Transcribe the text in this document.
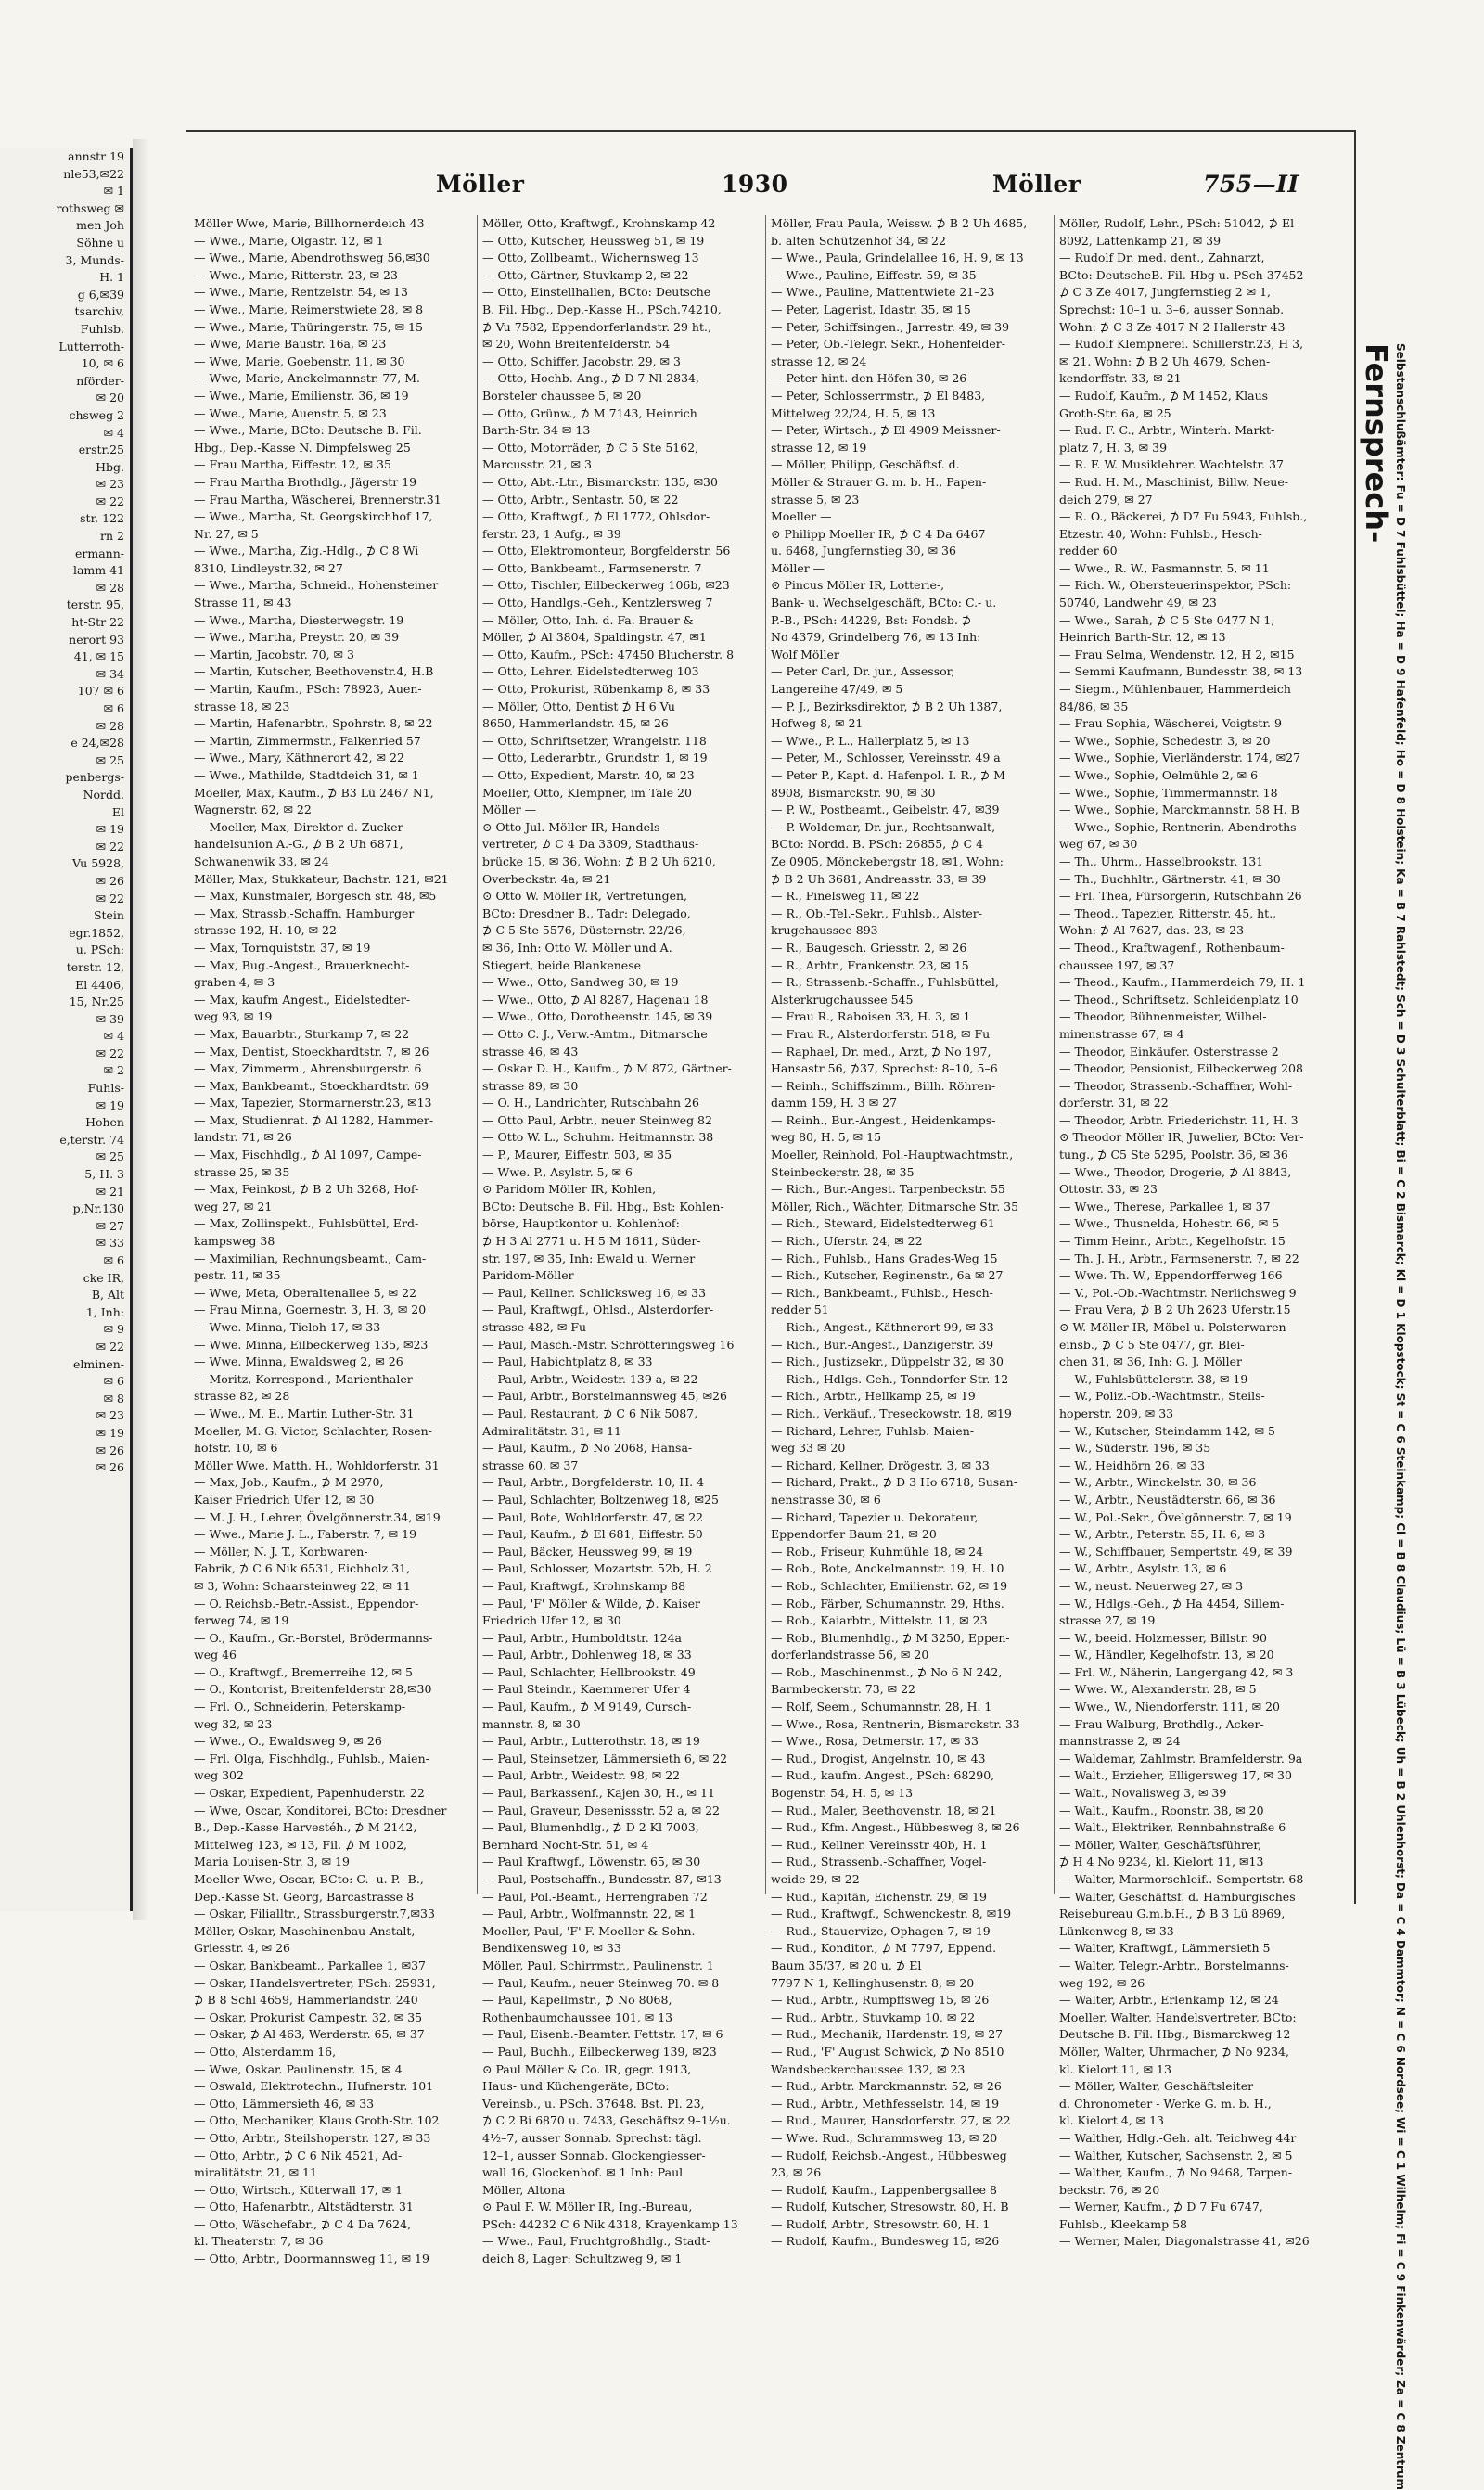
annstr 19
nle53,✉22
✉ 1
rothsweg ✉
men Joh
Söhne u
3, Munds-
H. 1
g 6,✉39
tsarchiv,
Fuhlsb.
Lutterroth-
10, ✉ 6
nförder-
✉ 20
chsweg 2
✉ 4
erstr.25
Hbg.
✉ 23
✉ 22
str. 122
rn 2
ermann-
lamm 41
✉ 28
terstr. 95,
ht-Str 22
nerort 93
41, ✉ 15
✉ 34
107 ✉ 6
✉ 6
✉ 28
e 24,✉28
✉ 25
penbergs-
Nordd.
El
✉ 19
✉ 22
Vu 5928,
✉ 26
✉ 22
Stein
egr.1852,
u. PSch:
terstr. 12,
El 4406,
15, Nr.25
✉ 39
✉ 4
✉ 22
✉ 2
Fuhls-
✉ 19
Hohen
e,terstr. 74
✉ 25
5, H. 3
✉ 21
p,Nr.130
✉ 27
✉ 33
✉ 6
cke IR,
B, Alt
1, Inh:
✉ 9
✉ 22
elminen-
✉ 6
✉ 8
✉ 23
✉ 19
✉ 26
✉ 26
Möller	1930	Möller	755—II
Möller Wwe, Marie, Billhornerdeich 43
— Wwe., Marie, Olgastr. 12, ✉ 1
— Wwe., Marie, Abendrothsweg 56,✉30
— Wwe., Marie, Ritterstr. 23, ✉ 23
— Wwe., Marie, Rentzelstr. 54, ✉ 13
— Wwe., Marie, Reimerstwiete 28, ✉ 8
— Wwe., Marie, Thüringerstr. 75, ✉ 15
— Wwe, Marie Baustr. 16a, ✉ 23
— Wwe, Marie, Goebenstr. 11, ✉ 30
— Wwe, Marie, Anckelmannstr. 77, M.
— Wwe., Marie, Emilienstr. 36, ✉ 19
— Wwe., Marie, Auenstr. 5, ✉ 23
— Wwe., Marie, BCto: Deutsche B. Fil.
Hbg., Dep.-Kasse N. Dimpfelsweg 25
— Frau Martha, Eiffestr. 12, ✉ 35
— Frau Martha Brothdlg., Jägerstr 19
— Frau Martha, Wäscherei, Brennerstr.31
— Wwe., Martha, St. Georgskirchhof 17,
Nr. 27, ✉ 5
— Wwe., Martha, Zig.-Hdlg., ⊅ C 8 Wi
8310, Lindleystr.32, ✉ 27
— Wwe., Martha, Schneid., Hohensteiner
Strasse 11, ✉ 43
— Wwe., Martha, Diesterwegstr. 19
— Wwe., Martha, Preystr. 20, ✉ 39
— Martin, Jacobstr. 70, ✉ 3
— Martin, Kutscher, Beethovenstr.4, H.B
— Martin, Kaufm., PSch: 78923, Auen-
strasse 18, ✉ 23
— Martin, Hafenarbtr., Spohrstr. 8, ✉ 22
— Martin, Zimmermstr., Falkenried 57
— Wwe., Mary, Käthnerort 42, ✉ 22
— Wwe., Mathilde, Stadtdeich 31, ✉ 1
Moeller, Max, Kaufm., ⊅ B3 Lü 2467 N1,
Wagnerstr. 62, ✉ 22
— Moeller, Max, Direktor d. Zucker-
handelsunion A.-G., ⊅ B 2 Uh 6871,
Schwanenwik 33, ✉ 24
Möller, Max, Stukkateur, Bachstr. 121, ✉21
— Max, Kunstmaler, Borgesch str. 48, ✉5
— Max, Strassb.-Schaffn. Hamburger
strasse 192, H. 10, ✉ 22
— Max, Tornquiststr. 37, ✉ 19
— Max, Bug.-Angest., Brauerknecht-
graben 4, ✉ 3
— Max, kaufm Angest., Eidelstedter-
weg 93, ✉ 19
— Max, Bauarbtr., Sturkamp 7, ✉ 22
— Max, Dentist, Stoeckhardtstr. 7, ✉ 26
— Max, Zimmerm., Ahrensburgerstr. 6
— Max, Bankbeamt., Stoeckhardtstr. 69
— Max, Tapezier, Stormarnerstr.23, ✉13
— Max, Studienrat. ⊅ Al 1282, Hammer-
landstr. 71, ✉ 26
— Max, Fischhdlg., ⊅ Al 1097, Campe-
strasse 25, ✉ 35
— Max, Feinkost, ⊅ B 2 Uh 3268, Hof-
weg 27, ✉ 21
— Max, Zollinspekt., Fuhlsbüttel, Erd-
kampsweg 38
— Maximilian, Rechnungsbeamt., Cam-
pestr. 11, ✉ 35
— Wwe, Meta, Oberaltenallee 5, ✉ 22
— Frau Minna, Goernestr. 3, H. 3, ✉ 20
— Wwe. Minna, Tieloh 17, ✉ 33
— Wwe. Minna, Eilbeckerweg 135, ✉23
— Wwe. Minna, Ewaldsweg 2, ✉ 26
— Moritz, Korrespond., Marienthaler-
strasse 82, ✉ 28
— Wwe., M. E., Martin Luther-Str. 31
Moeller, M. G. Victor, Schlachter, Rosen-
hofstr. 10, ✉ 6
Möller Wwe. Matth. H., Wohldorferstr. 31
— Max, Job., Kaufm., ⊅ M 2970,
Kaiser Friedrich Ufer 12, ✉ 30
— M. J. H., Lehrer, Övelgönnerstr.34, ✉19
— Wwe., Marie J. L., Faberstr. 7, ✉ 19
— Möller, N. J. T., Korbwaren-
Fabrik, ⊅ C 6 Nik 6531, Eichholz 31,
✉ 3, Wohn: Schaarsteinweg 22, ✉ 11
— O. Reichsb.-Betr.-Assist., Eppendor-
ferweg 74, ✉ 19
— O., Kaufm., Gr.-Borstel, Brödermanns-
weg 46
— O., Kraftwgf., Bremerreihe 12, ✉ 5
— O., Kontorist, Breitenfelderstr 28,✉30
— Frl. O., Schneiderin, Peterskamp-
weg 32, ✉ 23
— Wwe., O., Ewaldsweg 9, ✉ 26
— Frl. Olga, Fischhdlg., Fuhlsb., Maien-
weg 302
— Oskar, Expedient, Papenhuderstr. 22
— Wwe, Oscar, Konditorei, BCto: Dresdner
B., Dep.-Kasse Harvestéh., ⊅ M 2142,
Mittelweg 123, ✉ 13, Fil. ⊅ M 1002,
Maria Louisen-Str. 3, ✉ 19
Moeller Wwe, Oscar, BCto: C.- u. P.- B.,
Dep.-Kasse St. Georg, Barcastrasse 8
— Oskar, Filialltr., Strassburgerstr.7,✉33
Möller, Oskar, Maschinenbau-Anstalt,
Griesstr. 4, ✉ 26
— Oskar, Bankbeamt., Parkallee 1, ✉37
— Oskar, Handelsvertreter, PSch: 25931,
⊅ B 8 Schl 4659, Hammerlandstr. 240
— Oskar, Prokurist Campestr. 32, ✉ 35
— Oskar, ⊅ Al 463, Werderstr. 65, ✉ 37
— Otto, Alsterdamm 16,
— Wwe, Oskar. Paulinenstr. 15, ✉ 4
— Oswald, Elektrotechn., Hufnerstr. 101
— Otto, Lämmersieth 46, ✉ 33
— Otto, Mechaniker, Klaus Groth-Str. 102
— Otto, Arbtr., Steilshoperstr. 127, ✉ 33
— Otto, Arbtr., ⊅ C 6 Nik 4521, Ad-
miralitätstr. 21, ✉ 11
— Otto, Wirtsch., Küterwall 17, ✉ 1
— Otto, Hafenarbtr., Altstädterstr. 31
— Otto, Wäschefabr., ⊅ C 4 Da 7624,
kl. Theaterstr. 7, ✉ 36
— Otto, Arbtr., Doormannsweg 11, ✉ 19
Möller, Otto, Kraftwgf., Krohnskamp 42
— Otto, Kutscher, Heussweg 51, ✉ 19
— Otto, Zollbeamt., Wichernsweg 13
— Otto, Gärtner, Stuvkamp 2, ✉ 22
— Otto, Einstellhallen, BCto: Deutsche
B. Fil. Hbg., Dep.-Kasse H., PSch.74210,
⊅ Vu 7582, Eppendorferlandstr. 29 ht.,
✉ 20, Wohn Breitenfelderstr. 54
— Otto, Schiffer, Jacobstr. 29, ✉ 3
— Otto, Hochb.-Ang., ⊅ D 7 Nl 2834,
Borsteler chaussee 5, ✉ 20
— Otto, Grünw., ⊅ M 7143, Heinrich
Barth-Str. 34 ✉ 13
— Otto, Motorräder, ⊅ C 5 Ste 5162,
Marcusstr. 21, ✉ 3
— Otto, Abt.-Ltr., Bismarckstr. 135, ✉30
— Otto, Arbtr., Sentastr. 50, ✉ 22
— Otto, Kraftwgf., ⊅ El 1772, Ohlsdor-
ferstr. 23, 1 Aufg., ✉ 39
— Otto, Elektromonteur, Borgfelderstr. 56
— Otto, Bankbeamt., Farmsenerstr. 7
— Otto, Tischler, Eilbeckerweg 106b, ✉23
— Otto, Handlgs.-Geh., Kentzlersweg 7
— Möller, Otto, Inh. d. Fa. Brauer &
Möller, ⊅ Al 3804, Spaldingstr. 47, ✉1
— Otto, Kaufm., PSch: 47450 Blucherstr. 8
— Otto, Lehrer. Eidelstedterweg 103
— Otto, Prokurist, Rübenkamp 8, ✉ 33
— Möller, Otto, Dentist ⊅ H 6 Vu
8650, Hammerlandstr. 45, ✉ 26
— Otto, Schriftsetzer, Wrangelstr. 118
— Otto, Lederarbtr., Grundstr. 1, ✉ 19
— Otto, Expedient, Marstr. 40, ✉ 23
Moeller, Otto, Klempner, im Tale 20
Möller —
⊙ Otto Jul. Möller IR, Handels-
vertreter, ⊅ C 4 Da 3309, Stadthaus-
brücke 15, ✉ 36, Wohn: ⊅ B 2 Uh 6210,
Overbeckstr. 4a, ✉ 21
⊙ Otto W. Möller IR, Vertretungen,
BCto: Dresdner B., Tadr: Delegado,
⊅ C 5 Ste 5576, Düsternstr. 22/26,
✉ 36, Inh: Otto W. Möller und A.
Stiegert, beide Blankenese
— Wwe., Otto, Sandweg 30, ✉ 19
— Wwe., Otto, ⊅ Al 8287, Hagenau 18
— Wwe., Otto, Dorotheenstr. 145, ✉ 39
— Otto C. J., Verw.-Amtm., Ditmarsche
strasse 46, ✉ 43
— Oskar D. H., Kaufm., ⊅ M 872, Gärtner-
strasse 89, ✉ 30
— O. H., Landrichter, Rutschbahn 26
— Otto Paul, Arbtr., neuer Steinweg 82
— Otto W. L., Schuhm. Heitmannstr. 38
— P., Maurer, Eiffestr. 503, ✉ 35
— Wwe. P., Asylstr. 5, ✉ 6
⊙ Paridom Möller IR, Kohlen,
BCto: Deutsche B. Fil. Hbg., Bst: Kohlen-
börse, Hauptkontor u. Kohlenhof:
⊅ H 3 Al 2771 u. H 5 M 1611, Süder-
str. 197, ✉ 35, Inh: Ewald u. Werner
Paridom-Möller
— Paul, Kellner. Schlicksweg 16, ✉ 33
— Paul, Kraftwgf., Ohlsd., Alsterdorfer-
strasse 482, ✉ Fu
— Paul, Masch.-Mstr. Schrötteringsweg 16
— Paul, Habichtplatz 8, ✉ 33
— Paul, Arbtr., Weidestr. 139 a, ✉ 22
— Paul, Arbtr., Borstelmannsweg 45, ✉26
— Paul, Restaurant, ⊅ C 6 Nik 5087,
Admiralitätstr. 31, ✉ 11
— Paul, Kaufm., ⊅ No 2068, Hansa-
strasse 60, ✉ 37
— Paul, Arbtr., Borgfelderstr. 10, H. 4
— Paul, Schlachter, Boltzenweg 18, ✉25
— Paul, Bote, Wohldorferstr. 47, ✉ 22
— Paul, Kaufm., ⊅ El 681, Eiffestr. 50
— Paul, Bäcker, Heussweg 99, ✉ 19
— Paul, Schlosser, Mozartstr. 52b, H. 2
— Paul, Kraftwgf., Krohnskamp 88
— Paul, 'F' Möller & Wilde, ⊅. Kaiser
Friedrich Ufer 12, ✉ 30
— Paul, Arbtr., Humboldtstr. 124a
— Paul, Arbtr., Dohlenweg 18, ✉ 33
— Paul, Schlachter, Hellbrookstr. 49
— Paul Steindr., Kaemmerer Ufer 4
— Paul, Kaufm., ⊅ M 9149, Cursch-
mannstr. 8, ✉ 30
— Paul, Arbtr., Lutterothstr. 18, ✉ 19
— Paul, Steinsetzer, Lämmersieth 6, ✉ 22
— Paul, Arbtr., Weidestr. 98, ✉ 22
— Paul, Barkassenf., Kajen 30, H., ✉ 11
— Paul, Graveur, Desenissstr. 52 a, ✉ 22
— Paul, Blumenhdlg., ⊅ D 2 Kl 7003,
Bernhard Nocht-Str. 51, ✉ 4
— Paul Kraftwgf., Löwenstr. 65, ✉ 30
— Paul, Postschaffn., Bundesstr. 87, ✉13
— Paul, Pol.-Beamt., Herrengraben 72
— Paul, Arbtr., Wolfmannstr. 22, ✉ 1
Moeller, Paul, 'F' F. Moeller & Sohn.
Bendixensweg 10, ✉ 33
Möller, Paul, Schirrmstr., Paulinenstr. 1
— Paul, Kaufm., neuer Steinweg 70. ✉ 8
— Paul, Kapellmstr., ⊅ No 8068,
Rothenbaumchaussee 101, ✉ 13
— Paul, Eisenb.-Beamter. Fettstr. 17, ✉ 6
— Paul, Buchh., Eilbeckerweg 139, ✉23
⊙ Paul Möller & Co. IR, gegr. 1913,
Haus- und Küchengeräte, BCto:
Vereinsb., u. PSch. 37648. Bst. Pl. 23,
⊅ C 2 Bi 6870 u. 7433, Geschäftsz 9–1½u.
4½–7, ausser Sonnab. Sprechst: tägl.
12–1, ausser Sonnab. Glockengiesser-
wall 16, Glockenhof. ✉ 1 Inh: Paul
Möller, Altona
⊙ Paul F. W. Möller IR, Ing.-Bureau,
PSch: 44232 C 6 Nik 4318, Krayenkamp 13
— Wwe., Paul, Fruchtgroßhdlg., Stadt-
deich 8, Lager: Schultzweg 9, ✉ 1
Möller, Frau Paula, Weissw. ⊅ B 2 Uh 4685,
b. alten Schützenhof 34, ✉ 22
— Wwe., Paula, Grindelallee 16, H. 9, ✉ 13
— Wwe., Pauline, Eiffestr. 59, ✉ 35
— Wwe., Pauline, Mattentwiete 21–23
— Peter, Lagerist, Idastr. 35, ✉ 15
— Peter, Schiffsingen., Jarrestr. 49, ✉ 39
— Peter, Ob.-Telegr. Sekr., Hohenfelder-
strasse 12, ✉ 24
— Peter hint. den Höfen 30, ✉ 26
— Peter, Schlosserrmstr., ⊅ El 8483,
Mittelweg 22/24, H. 5, ✉ 13
— Peter, Wirtsch., ⊅ El 4909 Meissner-
strasse 12, ✉ 19
— Möller, Philipp, Geschäftsf. d.
Möller & Strauer G. m. b. H., Papen-
strasse 5, ✉ 23
Moeller —
⊙ Philipp Moeller IR, ⊅ C 4 Da 6467
u. 6468, Jungfernstieg 30, ✉ 36
Möller —
⊙ Pincus Möller IR, Lotterie-,
Bank- u. Wechselgeschäft, BCto: C.- u.
P.-B., PSch: 44229, Bst: Fondsb. ⊅
No 4379, Grindelberg 76, ✉ 13 Inh:
Wolf Möller
— Peter Carl, Dr. jur., Assessor,
Langereihe 47/49, ✉ 5
— P. J., Bezirksdirektor, ⊅ B 2 Uh 1387,
Hofweg 8, ✉ 21
— Wwe., P. L., Hallerplatz 5, ✉ 13
— Peter, M., Schlosser, Vereinsstr. 49 a
— Peter P., Kapt. d. Hafenpol. I. R., ⊅ M
8908, Bismarckstr. 90, ✉ 30
— P. W., Postbeamt., Geibelstr. 47, ✉39
— P. Woldemar, Dr. jur., Rechtsanwalt,
BCto: Nordd. B. PSch: 26855, ⊅ C 4
Ze 0905, Mönckebergstr 18, ✉1, Wohn:
⊅ B 2 Uh 3681, Andreasstr. 33, ✉ 39
— R., Pinelsweg 11, ✉ 22
— R., Ob.-Tel.-Sekr., Fuhlsb., Alster-
krugchaussee 893
— R., Baugesch. Griesstr. 2, ✉ 26
— R., Arbtr., Frankenstr. 23, ✉ 15
— R., Strassenb.-Schaffn., Fuhlsbüttel,
Alsterkrugchaussee 545
— Frau R., Raboisen 33, H. 3, ✉ 1
— Frau R., Alsterdorferstr. 518, ✉ Fu
— Raphael, Dr. med., Arzt, ⊅ No 197,
Hansastr 56, ⊅37, Sprechst: 8–10, 5–6
— Reinh., Schiffszimm., Billh. Röhren-
damm 159, H. 3 ✉ 27
— Reinh., Bur.-Angest., Heidenkamps-
weg 80, H. 5, ✉ 15
Moeller, Reinhold, Pol.-Hauptwachtmstr.,
Steinbeckerstr. 28, ✉ 35
— Rich., Bur.-Angest. Tarpenbeckstr. 55
Möller, Rich., Wächter, Ditmarsche Str. 35
— Rich., Steward, Eidelstedterweg 61
— Rich., Uferstr. 24, ✉ 22
— Rich., Fuhlsb., Hans Grades-Weg 15
— Rich., Kutscher, Reginenstr., 6a ✉ 27
— Rich., Bankbeamt., Fuhlsb., Hesch-
redder 51
— Rich., Angest., Käthnerort 99, ✉ 33
— Rich., Bur.-Angest., Danzigerstr. 39
— Rich., Justizsekr., Düppelstr 32, ✉ 30
— Rich., Hdlgs.-Geh., Tonndorfer Str. 12
— Rich., Arbtr., Hellkamp 25, ✉ 19
— Rich., Verkäuf., Treseckowstr. 18, ✉19
— Richard, Lehrer, Fuhlsb. Maien-
weg 33 ✉ 20
— Richard, Kellner, Drögestr. 3, ✉ 33
— Richard, Prakt., ⊅ D 3 Ho 6718, Susan-
nenstrasse 30, ✉ 6
— Richard, Tapezier u. Dekorateur,
Eppendorfer Baum 21, ✉ 20
— Rob., Friseur, Kuhmühle 18, ✉ 24
— Rob., Bote, Anckelmannstr. 19, H. 10
— Rob., Schlachter, Emilienstr. 62, ✉ 19
— Rob., Färber, Schumannstr. 29, Hths.
— Rob., Kaiarbtr., Mittelstr. 11, ✉ 23
— Rob., Blumenhdlg., ⊅ M 3250, Eppen-
dorferlandstrasse 56, ✉ 20
— Rob., Maschinenmst., ⊅ No 6 N 242,
Barmbeckerstr. 73, ✉ 22
— Rolf, Seem., Schumannstr. 28, H. 1
— Wwe., Rosa, Rentnerin, Bismarckstr. 33
— Wwe., Rosa, Detmerstr. 17, ✉ 33
— Rud., Drogist, Angelnstr. 10, ✉ 43
— Rud., kaufm. Angest., PSch: 68290,
Bogenstr. 54, H. 5, ✉ 13
— Rud., Maler, Beethovenstr. 18, ✉ 21
— Rud., Kfm. Angest., Hübbesweg 8, ✉ 26
— Rud., Kellner. Vereinsstr 40b, H. 1
— Rud., Strassenb.-Schaffner, Vogel-
weide 29, ✉ 22
— Rud., Kapitän, Eichenstr. 29, ✉ 19
— Rud., Kraftwgf., Schwenckestr. 8, ✉19
— Rud., Stauervize, Ophagen 7, ✉ 19
— Rud., Konditor., ⊅ M 7797, Eppend.
Baum 35/37, ✉ 20 u. ⊅ El
7797 N 1, Kellinghusenstr. 8, ✉ 20
— Rud., Arbtr., Rumpffsweg 15, ✉ 26
— Rud., Arbtr., Stuvkamp 10, ✉ 22
— Rud., Mechanik, Hardenstr. 19, ✉ 27
— Rud., 'F' August Schwick, ⊅ No 8510
Wandsbeckerchaussee 132, ✉ 23
— Rud., Arbtr. Marckmannstr. 52, ✉ 26
— Rud., Arbtr., Methfesselstr. 14, ✉ 19
— Rud., Maurer, Hansdorferstr. 27, ✉ 22
— Wwe. Rud., Schrammsweg 13, ✉ 20
— Rudolf, Reichsb.-Angest., Hübbesweg
23, ✉ 26
— Rudolf, Kaufm., Lappenbergsallee 8
— Rudolf, Kutscher, Stresowstr. 80, H. B
— Rudolf, Arbtr., Stresowstr. 60, H. 1
— Rudolf, Kaufm., Bundesweg 15, ✉26
Möller, Rudolf, Lehr., PSch: 51042, ⊅ El
8092, Lattenkamp 21, ✉ 39
— Rudolf Dr. med. dent., Zahnarzt,
BCto: DeutscheB. Fil. Hbg u. PSch 37452
⊅ C 3 Ze 4017, Jungfernstieg 2 ✉ 1,
Sprechst: 10–1 u. 3–6, ausser Sonnab.
Wohn: ⊅ C 3 Ze 4017 N 2 Hallerstr 43
— Rudolf Klempnerei. Schillerstr.23, H 3,
✉ 21. Wohn: ⊅ B 2 Uh 4679, Schen-
kendorffstr. 33, ✉ 21
— Rudolf, Kaufm., ⊅ M 1452, Klaus
Groth-Str. 6a, ✉ 25
— Rud. F. C., Arbtr., Winterh. Markt-
platz 7, H. 3, ✉ 39
— R. F. W. Musiklehrer. Wachtelstr. 37
— Rud. H. M., Maschinist, Billw. Neue-
deich 279, ✉ 27
— R. O., Bäckerei, ⊅ D7 Fu 5943, Fuhlsb.,
Etzestr. 40, Wohn: Fuhlsb., Hesch-
redder 60
— Wwe., R. W., Pasmannstr. 5, ✉ 11
— Rich. W., Obersteuerinspektor, PSch:
50740, Landwehr 49, ✉ 23
— Wwe., Sarah, ⊅ C 5 Ste 0477 N 1,
Heinrich Barth-Str. 12, ✉ 13
— Frau Selma, Wendenstr. 12, H 2, ✉15
— Semmi Kaufmann, Bundesstr. 38, ✉ 13
— Siegm., Mühlenbauer, Hammerdeich
84/86, ✉ 35
— Frau Sophia, Wäscherei, Voigtstr. 9
— Wwe., Sophie, Schedestr. 3, ✉ 20
— Wwe., Sophie, Vierländerstr. 174, ✉27
— Wwe., Sophie, Oelmühle 2, ✉ 6
— Wwe., Sophie, Timmermannstr. 18
— Wwe., Sophie, Marckmannstr. 58 H. B
— Wwe., Sophie, Rentnerin, Abendroths-
weg 67, ✉ 30
— Th., Uhrm., Hasselbrookstr. 131
— Th., Buchhltr., Gärtnerstr. 41, ✉ 30
— Frl. Thea, Fürsorgerin, Rutschbahn 26
— Theod., Tapezier, Ritterstr. 45, ht.,
Wohn: ⊅ Al 7627, das. 23, ✉ 23
— Theod., Kraftwagenf., Rothenbaum-
chaussee 197, ✉ 37
— Theod., Kaufm., Hammerdeich 79, H. 1
— Theod., Schriftsetz. Schleidenplatz 10
— Theodor, Bühnenmeister, Wilhel-
minenstrasse 67, ✉ 4
— Theodor, Einkäufer. Osterstrasse 2
— Theodor, Pensionist, Eilbeckerweg 208
— Theodor, Strassenb.-Schaffner, Wohl-
dorferstr. 31, ✉ 22
— Theodor, Arbtr. Friederichstr. 11, H. 3
⊙ Theodor Möller IR, Juwelier, BCto: Ver-
tung., ⊅ C5 Ste 5295, Poolstr. 36, ✉ 36
— Wwe., Theodor, Drogerie, ⊅ Al 8843,
Ottostr. 33, ✉ 23
— Wwe., Therese, Parkallee 1, ✉ 37
— Wwe., Thusnelda, Hohestr. 66, ✉ 5
— Timm Heinr., Arbtr., Kegelhofstr. 15
— Th. J. H., Arbtr., Farmsenerstr. 7, ✉ 22
— Wwe. Th. W., Eppendorfferweg 166
— V., Pol.-Ob.-Wachtmstr. Nerlichsweg 9
— Frau Vera, ⊅ B 2 Uh 2623 Uferstr.15
⊙ W. Möller IR, Möbel u. Polsterwaren-
einsb., ⊅ C 5 Ste 0477, gr. Blei-
chen 31, ✉ 36, Inh: G. J. Möller
— W., Fuhlsbüttelerstr. 38, ✉ 19
— W., Poliz.-Ob.-Wachtmstr., Steils-
hoperstr. 209, ✉ 33
— W., Kutscher, Steindamm 142, ✉ 5
— W., Süderstr. 196, ✉ 35
— W., Heidhörn 26, ✉ 33
— W., Arbtr., Winckelstr. 30, ✉ 36
— W., Arbtr., Neustädterstr. 66, ✉ 36
— W., Pol.-Sekr., Övelgönnerstr. 7, ✉ 19
— W., Arbtr., Peterstr. 55, H. 6, ✉ 3
— W., Schiffbauer, Sempertstr. 49, ✉ 39
— W., Arbtr., Asylstr. 13, ✉ 6
— W., neust. Neuerweg 27, ✉ 3
— W., Hdlgs.-Geh., ⊅ Ha 4454, Sillem-
strasse 27, ✉ 19
— W., beeid. Holzmesser, Billstr. 90
— W., Händler, Kegelhofstr. 13, ✉ 20
— Frl. W., Näherin, Langergang 42, ✉ 3
— Wwe. W., Alexanderstr. 28, ✉ 5
— Wwe., W., Niendorferstr. 111, ✉ 20
— Frau Walburg, Brothdlg., Acker-
mannstrasse 2, ✉ 24
— Waldemar, Zahlmstr. Bramfelderstr. 9a
— Walt., Erzieher, Elligersweg 17, ✉ 30
— Walt., Novalisweg 3, ✉ 39
— Walt., Kaufm., Roonstr. 38, ✉ 20
— Walt., Elektriker, Rennbahnstraße 6
— Möller, Walter, Geschäftsführer,
⊅ H 4 No 9234, kl. Kielort 11, ✉13
— Walter, Marmorschleif.. Sempertstr. 68
— Walter, Geschäftsf. d. Hamburgisches
Reisebureau G.m.b.H., ⊅ B 3 Lü 8969,
Lünkenweg 8, ✉ 33
— Walter, Kraftwgf., Lämmersieth 5
— Walter, Telegr.-Arbtr., Borstelmanns-
weg 192, ✉ 26
— Walter, Arbtr., Erlenkamp 12, ✉ 24
Moeller, Walter, Handelsvertreter, BCto:
Deutsche B. Fil. Hbg., Bismarckweg 12
Möller, Walter, Uhrmacher, ⊅ No 9234,
kl. Kielort 11, ✉ 13
— Möller, Walter, Geschäftsleiter
d. Chronometer - Werke G. m. b. H.,
kl. Kielort 4, ✉ 13
— Walther, Hdlg.-Geh. alt. Teichweg 44r
— Walther, Kutscher, Sachsenstr. 2, ✉ 5
— Walther, Kaufm., ⊅ No 9468, Tarpen-
beckstr. 76, ✉ 20
— Werner, Kaufm., ⊅ D 7 Fu 6747,
Fuhlsb., Kleekamp 58
— Werner, Maler, Diagonalstrasse 41, ✉26
Fernsprech- Selbstanschlußämter: Fu = D 7 Fuhlsbüttel; Ha = D 9 Hafenfeld; Ho = D 8 Holstein; Ka = B 7 Rahlstedt; Sch = D 3 Schulterblatt; Bi = C 2 Bismarck; Kl = D 1 Klopstock; St = C 6 Steinkamp; Cl = B 8 Claudius; Lü = B 3 Lübeck; Uh = B 2 Uhlenhorst; Da = C 4 Dammtor; N = C 6 Nordsee; Wi = C 1 Wilhelm; Fi = C 9 Finkenwärder; Za = C 8 Zentrum
